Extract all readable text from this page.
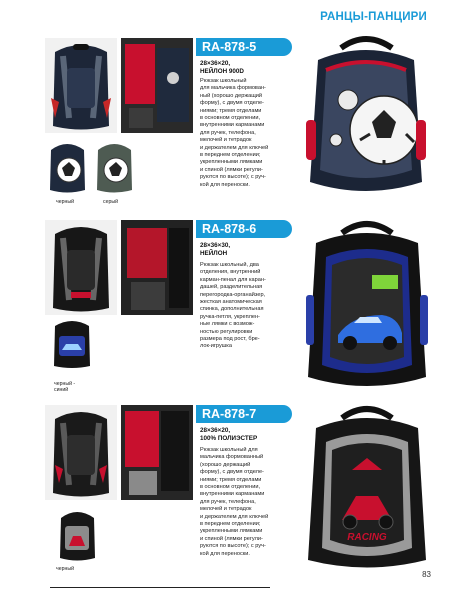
РАНЦЫ-ПАНЦИРИ
черный	серый
RA-878-5
28×36×20,
НЕЙЛОН 900D
Рюкзак школьный
для мальчика формован-
ный (хорошо держащий
форму), с двумя отделе-
ниями; тремя отделами
в основном отделении,
внутренними карманами
для ручек, телефона,
мелочей и тетрадок
и держателем для ключей
в переднем отделении;
укрепленными лямками
и спиной (лямки регули-
руются по высоте); с руч-
кой для переноски.
черный -
синий
RA-878-6
28×36×30,
НЕЙЛОН
Рюкзак школьный, два
отделения, внутренний
карман-пенал для каран-
дашей, разделительная
перегородка-органайзер,
жесткая анатомическая
спинка, дополнительная
ручка-петля, укреплен-
ные лямки с возмож-
ностью регулировки
размера под рост, бре-
лок-игрушка
черный
RA-878-7
28×36×20,
100% ПОЛИЭСТЕР
Рюкзак школьный для
мальчика формованный
(хорошо держащий
форму), с двумя отделе-
ниями; тремя отделами
в основном отделении,
внутренними карманами
для ручек, телефона,
мелочей и тетрадок
и держателем для ключей
в переднем отделении;
укрепленными лямками
и спиной (лямки регули-
руются по высоте); с руч-
кой для переноски.
RACING
83
